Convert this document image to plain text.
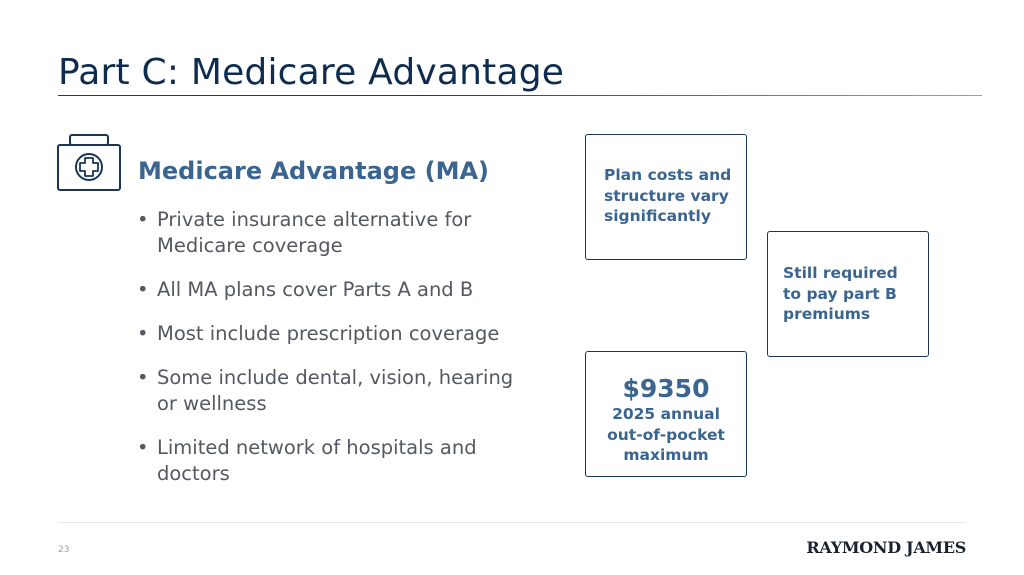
Part C: Medicare Advantage
Medicare Advantage (MA)
• Private insurance alternative for Medicare coverage
• All MA plans cover Parts A and B
• Most include prescription coverage
• Some include dental, vision, hearing or wellness
• Limited network of hospitals and doctors
Plan costs and structure vary significantly
Still required to pay part B premiums
$9350
2025 annual out-of-pocket maximum
23	RAYMOND JAMES
